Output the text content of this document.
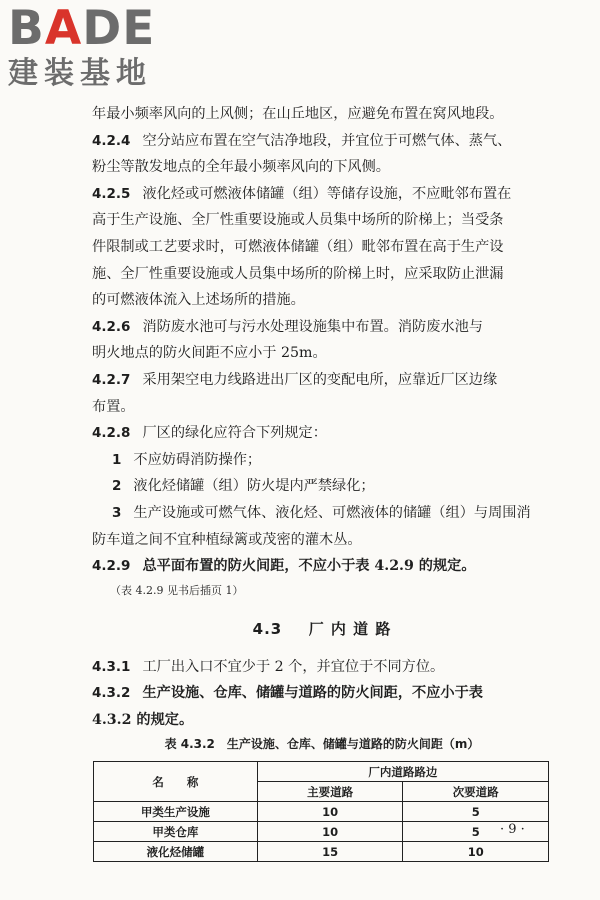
B A D E
建装基地
年最小频率风向的上风侧；在山丘地区，应避免布置在窝风地段。
4.2.4 空分站应布置在空气洁净地段，并宜位于可燃气体、蒸气、
粉尘等散发地点的全年最小频率风向的下风侧。
4.2.5 液化烃或可燃液体储罐（组）等储存设施，不应毗邻布置在
高于生产设施、全厂性重要设施或人员集中场所的阶梯上；当受条
件限制或工艺要求时，可燃液体储罐（组）毗邻布置在高于生产设
施、全厂性重要设施或人员集中场所的阶梯上时，应采取防止泄漏
的可燃液体流入上述场所的措施。
4.2.6 消防废水池可与污水处理设施集中布置。消防废水池与
明火地点的防火间距不应小于 25m。
4.2.7 采用架空电力线路进出厂区的变配电所，应靠近厂区边缘
布置。
4.2.8 厂区的绿化应符合下列规定：
1 不应妨碍消防操作；
2 液化烃储罐（组）防火堤内严禁绿化；
3 生产设施或可燃气体、液化烃、可燃液体的储罐（组）与周围消
防车道之间不宜种植绿篱或茂密的灌木丛。
4.2.9 总平面布置的防火间距，不应小于表 4.2.9 的规定。
（表 4.2.9 见书后插页 1）
4.3 厂 内 道 路
4.3.1 工厂出入口不宜少于 2 个，并宜位于不同方位。
4.3.2 生产设施、仓库、储罐与道路的防火间距，不应小于表
4.3.2 的规定。
表 4.3.2　生产设施、仓库、储罐与道路的防火间距（m）
名　　称	厂内道路路边	
	主要道路	次要道路
甲类生产设施	10	5
甲类仓库	10	5
液化烃储罐	15	10
· 9 ·
